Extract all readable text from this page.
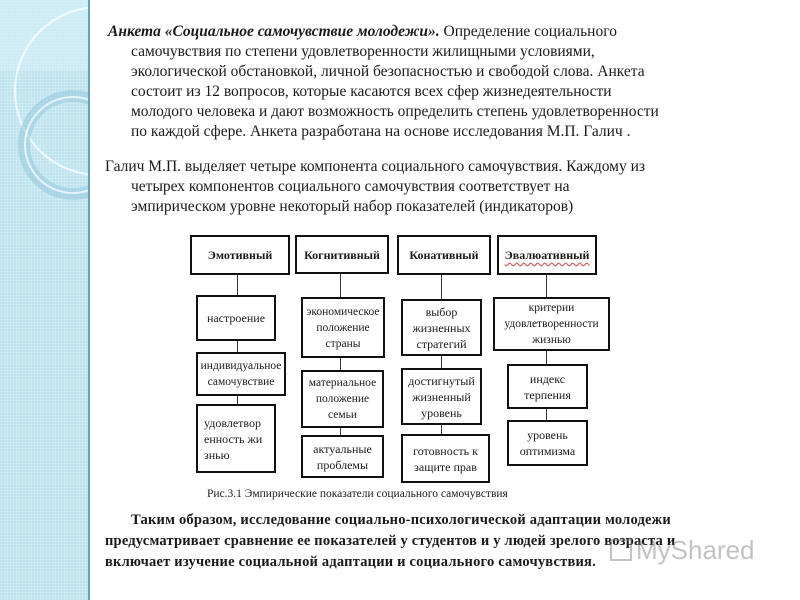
Анкета «Социальное самочувствие молодежи». Определение социального
самочувствия по степени удовлетворенности жилищными условиями,
экологической обстановкой, личной безопасностью и свободой слова. Анкета
состоит из 12 вопросов, которые касаются всех сфер жизнедеятельности
молодого человека и дают возможность определить степень удовлетворенности
по каждой сфере. Анкета разработана на основе исследования М.П. Галич .
Галич М.П. выделяет четыре компонента социального самочувствия. Каждому из
четырех компонентов социального самочувствия соответствует на
эмпирическом уровне некоторый набор показателей (индикаторов)
Эмотивный
настроение
индивидуальное самочувствие
удовлетвор енность жизнью
Когнитивный
экономическое положение страны
материальное положение семьи
актуальные проблемы
Конативный
выбор жизненных стратегий
достигнутый жизненный уровень
готовность к защите прав
Эвалюативный
критерии удовлетворенности жизнью
индекс терпения
уровень оптимизма
Рис.3.1 Эмпирические показатели социального самочувствия
Таким образом, исследование социально-психологической адаптации молодежи
предусматривает сравнение ее показателей у студентов и у людей зрелого возраста и
включает изучение социальной адаптации и социального самочувствия.	MyShared
